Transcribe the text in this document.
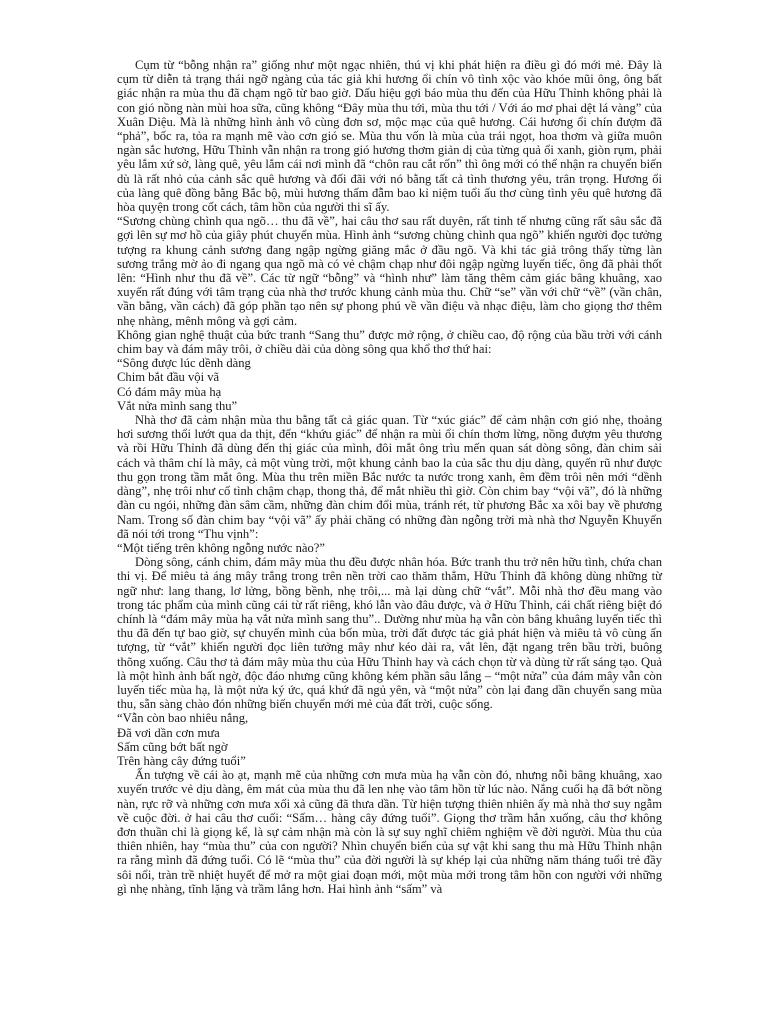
Cụm từ “bỗng nhận ra” giống như một ngạc nhiên, thú vị khi phát hiện ra điều gì đó mới mẻ. Đây là cụm từ diễn tả trạng thái ngỡ ngàng của tác giả khi hương ổi chín vô tình xộc vào khóe mũi ông, ông bất giác nhận ra mùa thu đã chạm ngõ từ bao giờ. Dấu hiệu gợi báo mùa thu đến của Hữu Thỉnh không phải là con gió nồng nàn mùi hoa sữa, cũng không “Đây mùa thu tới, mùa thu tới / Với áo mơ phai dệt lá vàng” của Xuân Diệu. Mà là những hình ảnh vô cùng đơn sơ, mộc mạc của quê hương. Cái hương ổi chín đượm đã “phả”, bốc ra, tỏa ra mạnh mẽ vào cơn gió se. Mùa thu vốn là mùa của trái ngọt, hoa thơm và giữa muôn ngàn sắc hương, Hữu Thỉnh vẫn nhận ra trong gió hương thơm giản dị của từng quả ổi xanh, giòn rụm, phải yêu lắm xứ sở, làng quê, yêu lắm cái nơi mình đã “chôn rau cắt rốn” thì ông mới có thể nhận ra chuyển biến dù là rất nhỏ của cảnh sắc quê hương và đối đãi với nó bằng tất cả tình thương yêu, trân trọng. Hương ổi của làng quê đồng bằng Bắc bộ, mùi hương thấm đẫm bao kỉ niệm tuổi ấu thơ cùng tình yêu quê hương đã hòa quyện trong cốt cách, tâm hồn của người thi sĩ ấy.

“Sương chùng chình qua ngõ… thu đã về”, hai câu thơ sau rất duyên, rất tinh tế nhưng cũng rất sâu sắc đã gợi lên sự mơ hồ của giây phút chuyển mùa. Hình ảnh “sương chùng chình qua ngõ” khiến người đọc tưởng tượng ra khung cảnh sương đang ngập ngừng giăng mắc ở đầu ngõ. Và khi tác giả trông thấy từng làn sương trắng mờ ảo đi ngang qua ngõ mà có vẻ chậm chạp như đôi ngập ngừng luyến tiếc, ông đã phải thốt lên: “Hình như thu đã về”. Các từ ngữ “bỗng” và “hình như” làm tăng thêm cảm giác bâng khuâng, xao xuyến rất đúng với tâm trạng của nhà thơ trước khung cảnh mùa thu. Chữ “se” vần với chữ “về” (vần chân, vần bằng, vần cách) đã góp phần tạo nên sự phong phú về vần điệu và nhạc điệu, làm cho giọng thơ thêm nhẹ nhàng, mênh mông và gợi cảm.

Không gian nghệ thuật của bức tranh “Sang thu” được mở rộng, ở chiều cao, độ rộng của bầu trời với cánh chim bay và đám mây trôi, ở chiều dài của dòng sông qua khổ thơ thứ hai:

“Sông được lúc dềnh dàng

Chim bắt đầu vội vã

Có đám mây mùa hạ

Vắt nửa mình sang thu”

Nhà thơ đã cảm nhận mùa thu bằng tất cả giác quan. Từ “xúc giác” để cảm nhận cơn gió nhẹ, thoảng hơi sương thổi lướt qua da thịt, đến “khứu giác” để nhận ra mùi ổi chín thơm lừng, nồng đượm yêu thương và rồi Hữu Thỉnh đã dùng đến thị giác của mình, đôi mắt ông trìu mến quan sát dòng sông, đàn chim sải cách và thâm chí là mây, cả một vùng trời, một khung cảnh bao la của sắc thu dịu dàng, quyến rũ như được thu gọn trong tầm mắt ông. Mùa thu trên miền Bắc nước ta nước trong xanh, êm đềm trôi nên mới “dềnh dàng”, nhẹ trôi như cố tình chậm chạp, thong thả, để mắt nhiều thì giờ. Còn chim bay “vội vã”, đó là những đàn cu ngói, những đàn sâm cầm, những đàn chim đổi mùa, tránh rét, từ phương Bắc xa xôi bay về phương Nam. Trong số đàn chim bay “vội vã” ấy phải chăng có những đàn ngỗng trời mà nhà thơ Nguyễn Khuyến đã nói tới trong “Thu vịnh”:

“Một tiếng trên không ngỗng nước nào?”

Dòng sông, cánh chim, đám mây mùa thu đều được nhân hóa. Bức tranh thu trở nên hữu tình, chứa chan thi vị. Để miêu tả áng mây trắng trong trên nền trời cao thăm thẳm, Hữu Thỉnh đã không dùng những từ ngữ như: lang thang, lơ lửng, bồng bềnh, nhẹ trôi,... mà lại dùng chữ “vắt”. Mỗi nhà thơ đều mang vào trong tác phẩm của mình cũng cái từ rất riêng, khó lẫn vào đâu được, và ở Hữu Thỉnh, cái chất riêng biệt đó chính là “đám mây mùa hạ vắt nửa mình sang thu”.. Dường như mùa hạ vẫn còn bâng khuâng luyến tiếc thì thu đã đến tự bao giờ, sự chuyển mình của bốn mùa, trời đất được tác giả phát hiện và miêu tả vô cùng ấn tượng, từ “vắt” khiến người đọc liên tưởng mây như kéo dài ra, vắt lên, đặt ngang trên bầu trời, buông thõng xuống. Câu thơ tả đám mây mùa thu của Hữu Thỉnh hay và cách chọn từ và dùng từ rất sáng tạo. Quả là một hình ảnh bất ngờ, độc đáo nhưng cũng không kém phần sâu lắng – “một nửa” của đám mây vẫn còn luyến tiếc mùa hạ, là một nửa ký ức, quá khứ đã ngủ yên, và “một nửa” còn lại đang dần chuyển sang mùa thu, sẵn sàng chào đón những biến chuyển mới mẻ của đất trời, cuộc sống.

“Vẫn còn bao nhiêu nắng,

Đã vơi dần cơn mưa

Sấm cũng bớt bất ngờ

Trên hàng cây đứng tuổi”

Ấn tượng về cái ào ạt, mạnh mẽ của những cơn mưa mùa hạ vẫn còn đó, nhưng nỗi bâng khuâng, xao xuyến trước vẻ dịu dàng, êm mát của mùa thu đã len nhẹ vào tâm hồn từ lúc nào. Nắng cuối hạ đã bớt nồng nàn, rực rỡ và những cơn mưa xối xả cũng đã thưa dần. Từ hiện tượng thiên nhiên ấy mà nhà thơ suy ngẫm về cuộc đời. ở hai câu thơ cuối: “Sấm… hàng cây đứng tuổi”. Giọng thơ trầm hẳn xuống, câu thơ không đơn thuần chỉ là giọng kể, là sự cảm nhận mà còn là sự suy nghĩ chiêm nghiệm về đời người. Mùa thu của thiên nhiên, hay “mùa thu” của con người? Nhìn chuyển biến của sự vật khi sang thu mà Hữu Thỉnh nhận ra rằng mình đã đứng tuổi. Có lẽ “mùa thu” của đời người là sự khép lại của những năm tháng tuổi trẻ đầy sôi nổi, tràn trề nhiệt huyết để mở ra một giai đoạn mới, một mùa mới trong tâm hồn con người với những gì nhẹ nhàng, tĩnh lặng và trầm lắng hơn. Hai hình ảnh “sấm” và
